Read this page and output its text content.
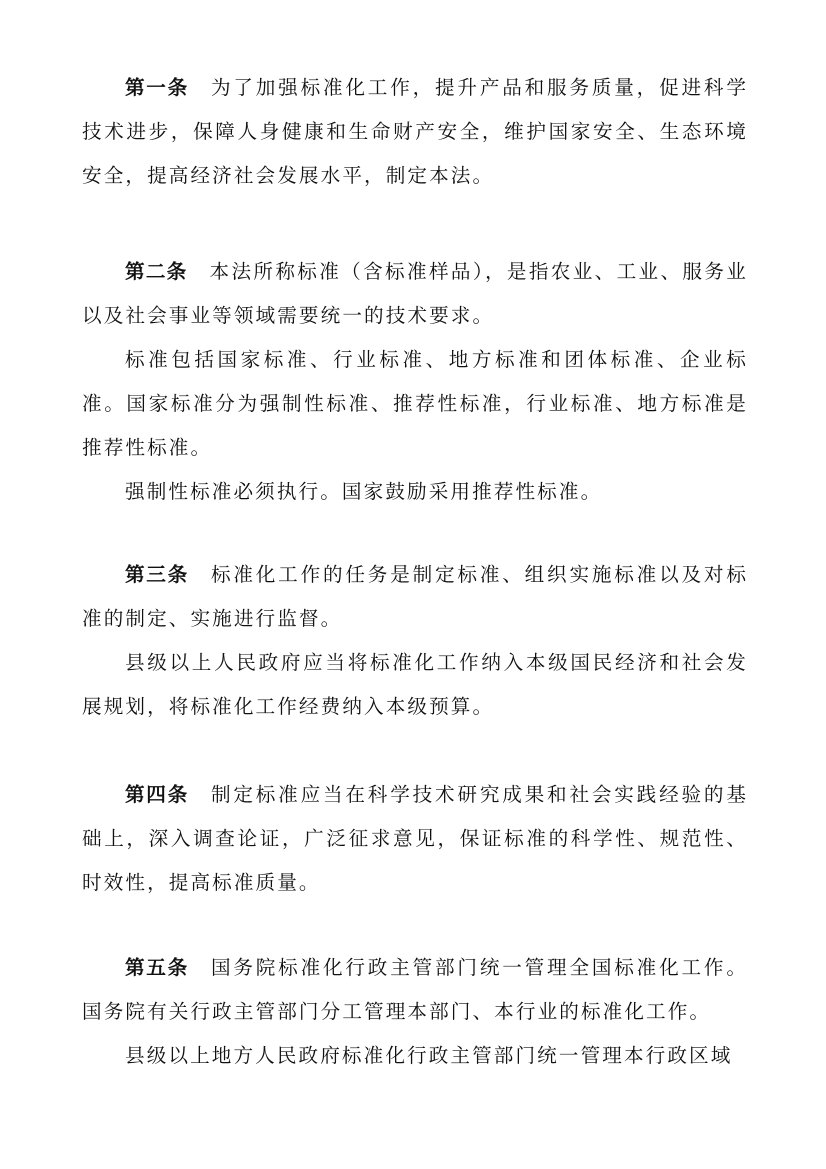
第一条 为了加强标准化工作，提升产品和服务质量，促进科学技术进步，保障人身健康和生命财产安全，维护国家安全、生态环境安全，提高经济社会发展水平，制定本法。

第二条 本法所称标准（含标准样品），是指农业、工业、服务业以及社会事业等领域需要统一的技术要求。

标准包括国家标准、行业标准、地方标准和团体标准、企业标准。国家标准分为强制性标准、推荐性标准，行业标准、地方标准是推荐性标准。

强制性标准必须执行。国家鼓励采用推荐性标准。

第三条 标准化工作的任务是制定标准、组织实施标准以及对标准的制定、实施进行监督。

县级以上人民政府应当将标准化工作纳入本级国民经济和社会发展规划，将标准化工作经费纳入本级预算。

第四条 制定标准应当在科学技术研究成果和社会实践经验的基础上，深入调查论证，广泛征求意见，保证标准的科学性、规范性、时效性，提高标准质量。

第五条 国务院标准化行政主管部门统一管理全国标准化工作。国务院有关行政主管部门分工管理本部门、本行业的标准化工作。

县级以上地方人民政府标准化行政主管部门统一管理本行政区域
